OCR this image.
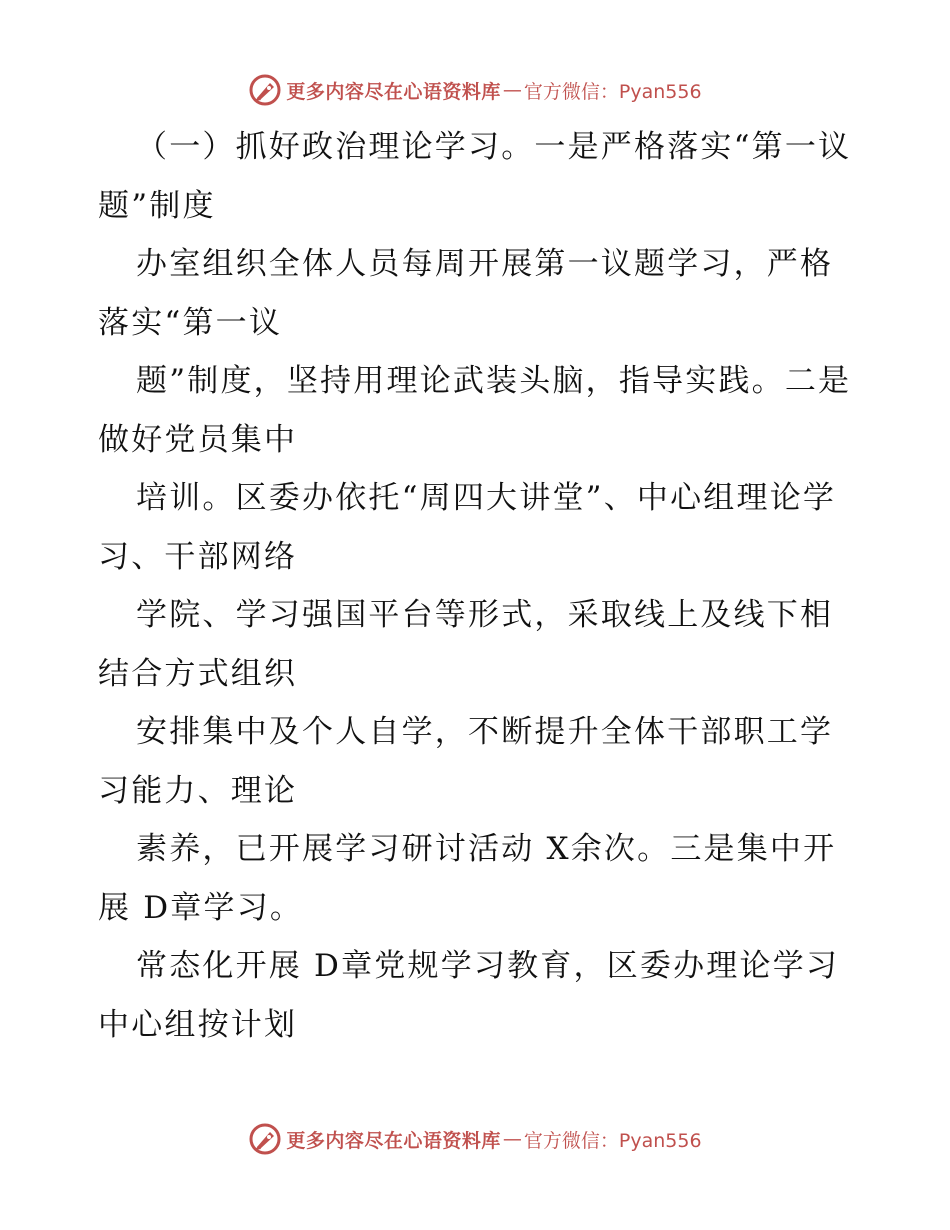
更多内容尽在心语资料库 — 官方微信：Pyan556

（一）抓好政治理论学习。一是严格落实“第一议题”制度

办室组织全体人员每周开展第一议题学习，严格落实“第一议

题”制度，坚持用理论武装头脑，指导实践。二是做好党员集中

培训。区委办依托“周四大讲堂”、中心组理论学习、干部网络

学院、学习强国平台等形式，采取线上及线下相结合方式组织

安排集中及个人自学，不断提升全体干部职工学习能力、理论

素养，已开展学习研讨活动 X余次。三是集中开展 D章学习。

常态化开展 D章党规学习教育，区委办理论学习中心组按计划

更多内容尽在心语资料库 — 官方微信：Pyan556
